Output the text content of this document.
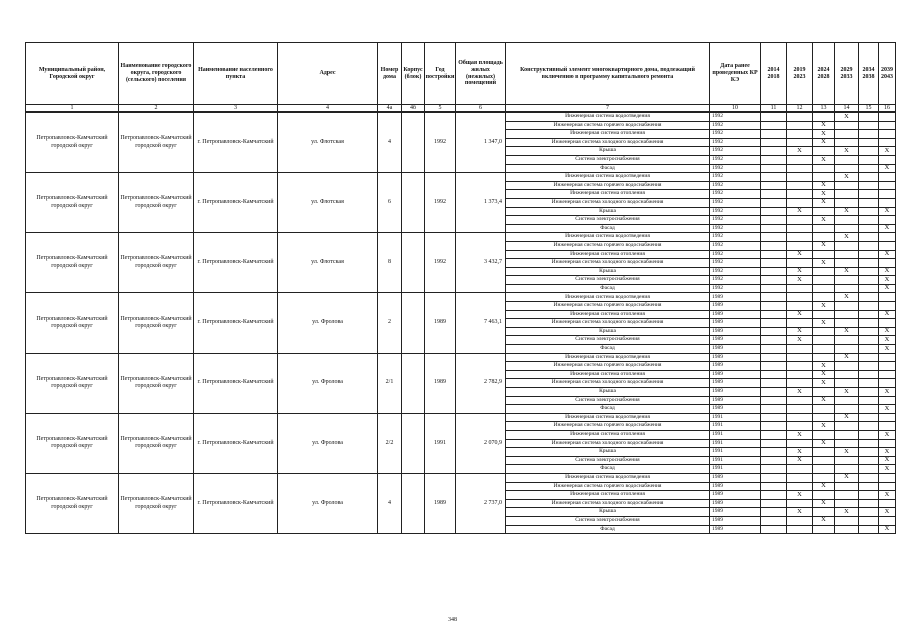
Муниципальный район, Городской округ	Наименование городского округа, городского (сельского) поселения	Наименование населенного пункта	Адрес	Номер дома	Корпус (блок)	Год постройки	Общая площадь жилых (нежилых) помещений	Конструктивный элемент многоквартирного дома, подлежащий включению в программу капитального ремонта	Дата ранее проведенных КР КЭ	2014 2018	2019 2023	2024 2028	2029 2033	2034 2038	2039 2043
1	2	3	4	4а	4б	5	6	7	10	11	12	13	14	15	16
Петропавловск-Камчатский городской округ	Петропавловск-Камчатский городской округ	г. Петропавловск-Камчатский	ул. Флотская	4		1992	1 347,0	Инженерная система водоотведения	1992				X		
								Инженерная система горячего водоснабжения	1992			X			
								Инженерная система отопления	1992			X			
								Инженерная система холодного водоснабжения	1992			X			
								Крыша	1992		X		X		X
								Система электроснабжения	1992			X			
								Фасад	1992						X
Петропавловск-Камчатский городской округ	Петропавловск-Камчатский городской округ	г. Петропавловск-Камчатский	ул. Флотская	6		1992	1 373,4	Инженерная система водоотведения	1992				X		
								Инженерная система горячего водоснабжения	1992			X			
								Инженерная система отопления	1992			X			
								Инженерная система холодного водоснабжения	1992			X			
								Крыша	1992		X		X		X
								Система электроснабжения	1992			X			
								Фасад	1992						X
Петропавловск-Камчатский городской округ	Петропавловск-Камчатский городской округ	г. Петропавловск-Камчатский	ул. Флотская	8		1992	3 432,7	Инженерная система водоотведения	1992				X		
								Инженерная система горячего водоснабжения	1992			X			
								Инженерная система отопления	1992		X				X
								Инженерная система холодного водоснабжения	1992			X			
								Крыша	1992		X		X		X
								Система электроснабжения	1992		X				X
								Фасад	1992						X
Петропавловск-Камчатский городской округ	Петропавловск-Камчатский городской округ	г. Петропавловск-Камчатский	ул. Фролова	2		1989	7 463,1	Инженерная система водоотведения	1989				X		
								Инженерная система горячего водоснабжения	1989			X			
								Инженерная система отопления	1989		X				X
								Инженерная система холодного водоснабжения	1989			X			
								Крыша	1989		X		X		X
								Система электроснабжения	1989		X				X
								Фасад	1989						X
Петропавловск-Камчатский городской округ	Петропавловск-Камчатский городской округ	г. Петропавловск-Камчатский	ул. Фролова	2/1		1989	2 782,9	Инженерная система водоотведения	1989				X		
								Инженерная система горячего водоснабжения	1989			X			
								Инженерная система отопления	1989			X			
								Инженерная система холодного водоснабжения	1989			X			
								Крыша	1989		X		X		X
								Система электроснабжения	1989			X			
								Фасад	1989						X
Петропавловск-Камчатский городской округ	Петропавловск-Камчатский городской округ	г. Петропавловск-Камчатский	ул. Фролова	2/2		1991	2 070,9	Инженерная система водоотведения	1991				X		
								Инженерная система горячего водоснабжения	1991			X			
								Инженерная система отопления	1991		X				X
								Инженерная система холодного водоснабжения	1991			X			
								Крыша	1991		X		X		X
								Система электроснабжения	1991		X				X
								Фасад	1991						X
Петропавловск-Камчатский городской округ	Петропавловск-Камчатский городской округ	г. Петропавловск-Камчатский	ул. Фролова	4		1989	2 737,0	Инженерная система водоотведения	1989				X		
								Инженерная система горячего водоснабжения	1989			X			
								Инженерная система отопления	1989		X				X
								Инженерная система холодного водоснабжения	1989			X			
								Крыша	1989		X		X		X
								Система электроснабжения	1989			X			
								Фасад	1989						X
348
